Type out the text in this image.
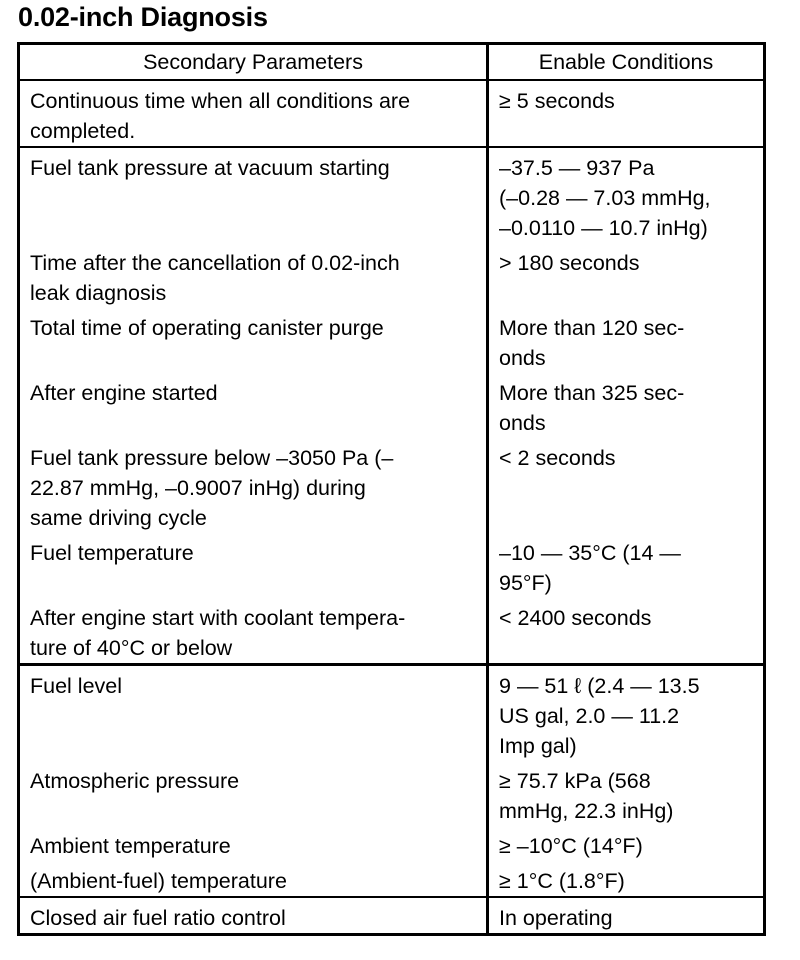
0.02-inch Diagnosis
Secondary Parameters	Enable Conditions

Continuous time when all conditions are
completed.	≥ 5 seconds

Fuel tank pressure at vacuum starting	–37.5 — 937 Pa
(–0.28 — 7.03 mmHg,
–0.0110 — 10.7 inHg)

Time after the cancellation of 0.02-inch
leak diagnosis	> 180 seconds

Total time of operating canister purge	More than 120 sec-
onds

After engine started	More than 325 sec-
onds

Fuel tank pressure below –3050 Pa (–
22.87 mmHg, –0.9007 inHg) during
same driving cycle	< 2 seconds

Fuel temperature	–10 — 35°C (14 —
95°F)

After engine start with coolant tempera-
ture of 40°C or below	< 2400 seconds

Fuel level	9 — 51 ℓ (2.4 — 13.5
US gal, 2.0 — 11.2
Imp gal)

Atmospheric pressure	≥ 75.7 kPa (568
mmHg, 22.3 inHg)

Ambient temperature	≥ –10°C (14°F)

(Ambient-fuel) temperature	≥ 1°C (1.8°F)

Closed air fuel ratio control	In operating
